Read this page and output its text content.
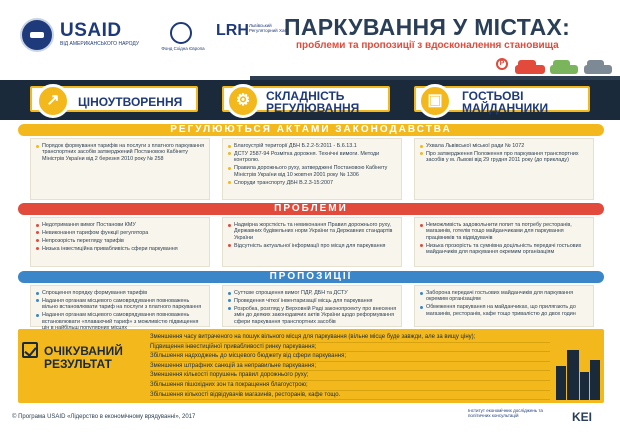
USAID
ВІД АМЕРИКАНСЬКОГО НАРОДУ
Фонд Східна Європа
LRH Львівський Регуляторний Хаб
ПАРКУВАННЯ У МІСТАХ:
проблеми та пропозиції з вдосконалення становища
P
↗	⚙	▣
ЦІНОУТВОРЕННЯ	СКЛАДНІСТЬ РЕГУЛЮВАННЯ
ГОСТЬОВІ МАЙДАНЧИКИ
РЕГУЛЮЮТЬСЯ АКТАМИ ЗАКОНОДАВСТВА
Порядок формування тарифів на послуги з платного паркування транспортних засобів затверджений Постановою Кабінету Міністрів України від 2 березня 2010 року № 258
Благоустрій території ДБН Б.2.2-5:2011 - Б.6.13.1
ДСТУ 2587-94 Розмітка дорожня. Технічні вимоги. Методи контролю.
Правила дорожнього руху, затверджені Постановою Кабінету Міністрів України від 10 жовтня 2001 року № 1306
Споруди транспорту ДБН В.2.3-15:2007
Ухвала Львівської міської ради № 1072
Про затвердження Положення про паркування транспортних засобів у м. Львові від 29 грудня 2011 року (до прикладу)
ПРОБЛЕМИ
Недотримання вимог Постанови КМУ
Невиконання тарифом функції регулятора
Непрозорість перегляду тарифів
Низька інвестиційна привабливість сфери паркування
Надмірна жорсткість та невиконання Правил дорожнього руху, Державних будівельних норм України та Державних стандартів України
Відсутність актуальної інформації про місця для паркування
Неможливість задовольнити попит та потребу ресторанів, магазинів, готелів тощо майданчиками для паркування працівників та відвідувачів
Низька прозорість та сумнівна доцільність передачі гостьових майданчиків для паркування окремим організаціям
ПРОПОЗИЦІЇ
Спрощення порядку формування тарифів
Надання органам місцевого самоврядування повноважень вільно встановлювати тариф на послуги з платного паркування
Надання органам місцевого самоврядування повноважень встановлювати «плаваючий тариф» з можливістю підвищення
Суттєве спрощення вимог ПДР, ДБН та ДСТУ
Проведення чіткої інвентаризації місць для паркування
Розробка, розгляд у Верховній Раді законопроекту про внесення змін до деяких законодавчих актів України щодо реформування сфери паркування транспортних засобів
Заборона передачі гостьових майданчиків для паркування окремим організаціям
Обмеження паркування на майданчиках, що прилягають до магазинів, ресторанів, кафе тощо тривалістю до двох годин
ОЧІКУВАНИЙ
РЕЗУЛЬТАТ
Зменшення часу витраченого на пошук вільного місця для паркування (вільне місце буде завжди, але за вищу ціну);
Підвищення інвестиційної привабливості ринку паркування;
Збільшення надходжень до місцевого бюджету від сфери паркування;
Зменшення штрафних санкцій за неправильне паркування;
Зменшення кількості порушень правил дорожнього руху;
Збільшення пішохідних зон та покращення благоустрою;
Збільшення кількості відвідувачів магазинів, ресторанів, кафе тощо.
© Програма USAID «Лідерство в економічному врядуванні», 2017
Інститут економічних досліджень та політичних консультацій	KEI
